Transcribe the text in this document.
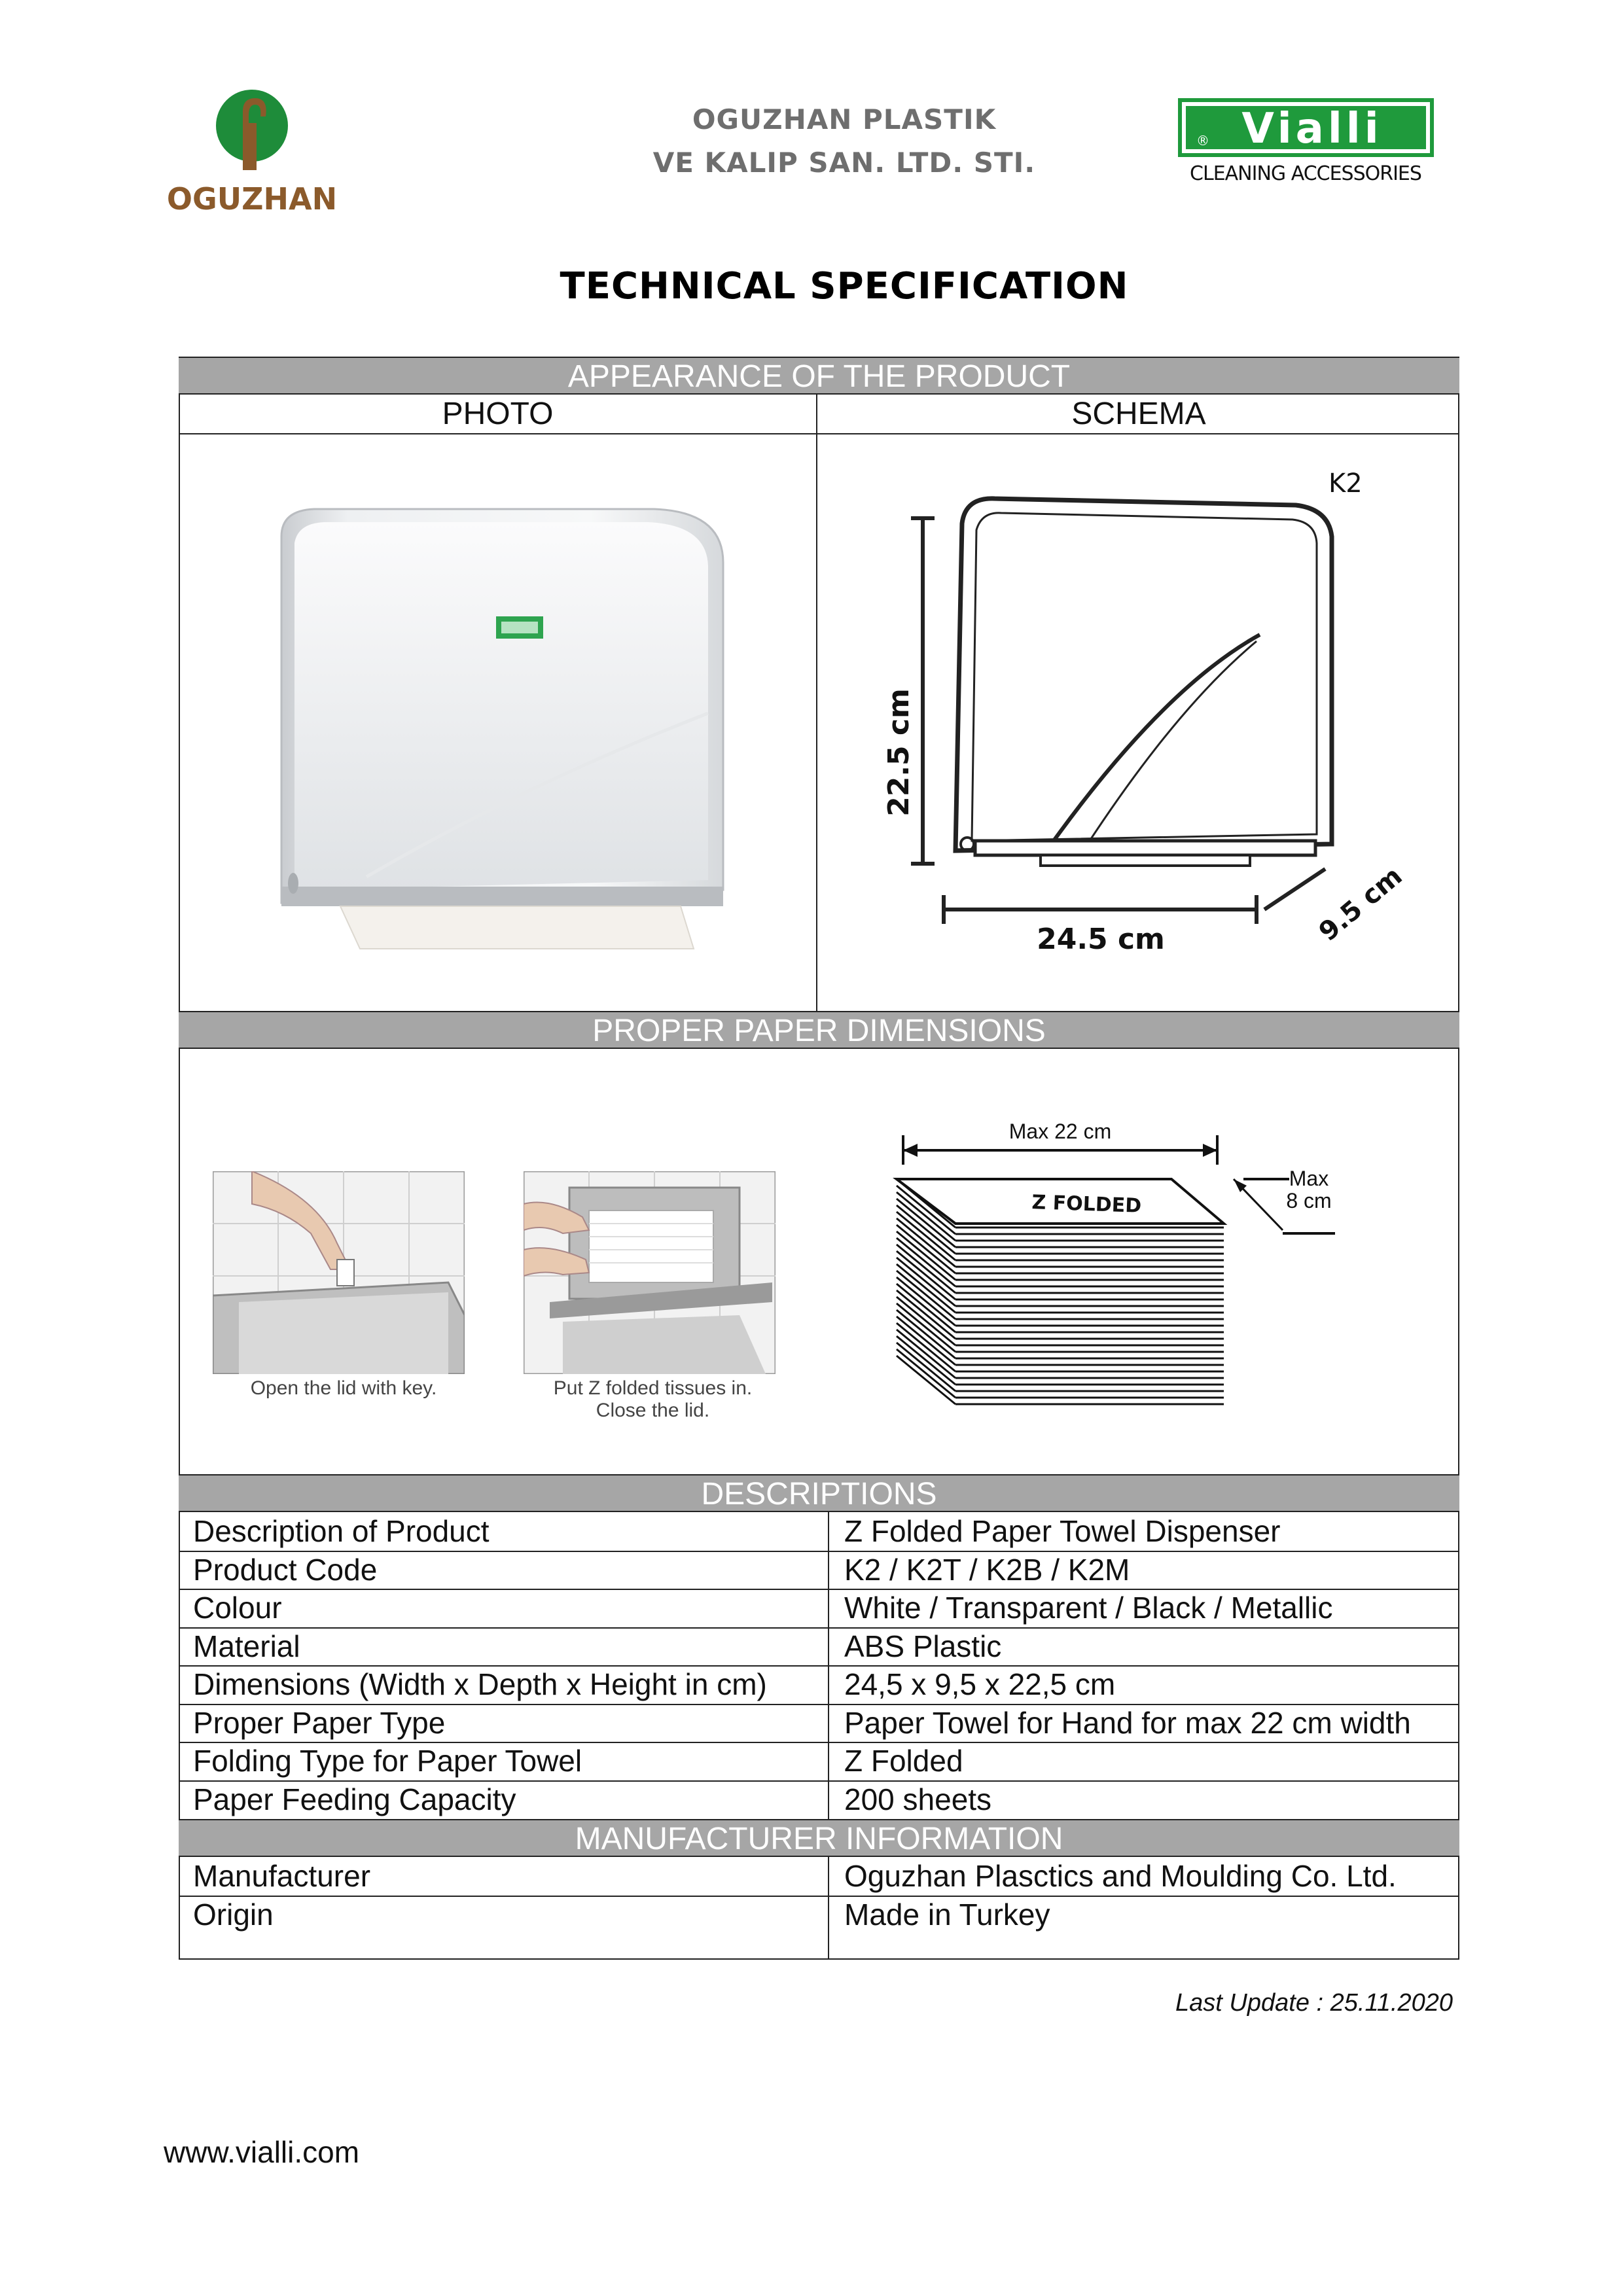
OGUZHAN
OGUZHAN PLASTIK
VE KALIP SAN. LTD. STI.
Vialli
®
CLEANING ACCESSORIES
TECHNICAL SPECIFICATION
APPEARANCE OF THE PRODUCT
PHOTO	SCHEMA
K2
22.5 cm
24.5 cm	9.5 cm
PROPER PAPER DIMENSIONS
Open the lid with key.	Put Z folded tissues in.
Close the lid.
Max 22 cm
Z FOLDED
Max
8 cm
DESCRIPTIONS
Description of Product	Z Folded Paper Towel Dispenser
Product Code	K2 / K2T / K2B / K2M
Colour	White / Transparent / Black / Metallic
Material	ABS Plastic
Dimensions (Width x Depth x Height in cm)	24,5 x 9,5 x 22,5 cm
Proper Paper Type	Paper Towel for Hand for max 22 cm width
Folding Type for Paper Towel	Z Folded
Paper Feeding Capacity	200 sheets
MANUFACTURER INFORMATION
Manufacturer	Oguzhan Plasctics and Moulding Co. Ltd.
Origin	Made in Turkey
Last Update : 25.11.2020
www.vialli.com
